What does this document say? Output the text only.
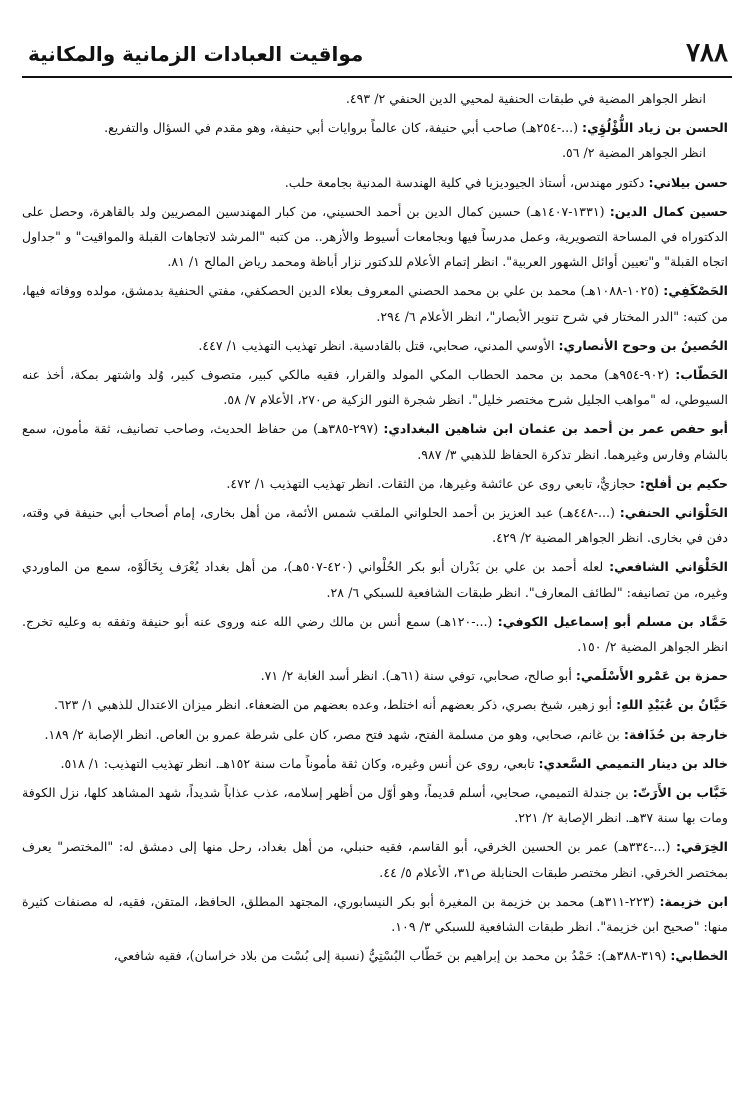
٧٨٨
مواقيت العبادات الزمانية والمكانية

انظر الجواهر المضية في طبقات الحنفية لمحيي الدين الحنفي ٢/ ٤٩٣.

الحسن بن زياد اللُّؤْلُؤِي: (...-٢٥٤هـ) صاحب أبي حنيفة، كان عالماً بروايات أبي حنيفة، وهو مقدم في السؤال والتفريع.
انظر الجواهر المضية ٢/ ٥٦.

حسن بيلاني: دكتور مهندس، أستاذ الجيوديزيا في كلية الهندسة المدنية بجامعة حلب.

حسين كمال الدين: (١٣٣١-١٤٠٧هـ) حسين كمال الدين بن أحمد الحسيني، من كبار المهندسين المصريين ولد بالقاهرة، وحصل على الدكتوراه في المساحة التصويرية، وعمل مدرساً فيها وبجامعات أسيوط والأزهر.. من كتبه "المرشد لاتجاهات القبلة والمواقيت" و "جداول اتجاه القبلة" و"تعيين أوائل الشهور العربية". انظر إتمام الأعلام للدكتور نزار أباظة ومحمد رياض المالح ١/ ٨١.

الحَصْكَفِي: (١٠٢٥-١٠٨٨هـ) محمد بن علي بن محمد الحصني المعروف بعلاء الدين الحصكفي، مفتي الحنفية بدمشق، مولده ووفاته فيها، من كتبه: "الدر المختار في شرح تنوير الأبصار"، انظر الأعلام ٦/ ٢٩٤.

الحُصينُ بن وحوح الأنصاري: الأوسي المدني، صحابي، قتل بالقادسية. انظر تهذيب التهذيب ١/ ٤٤٧.

الحَطّاب: (٩٠٢-٩٥٤هـ) محمد بن محمد الحطاب المكي المولد والقرار، فقيه مالكي كبير، متصوف كبير، وُلد واشتهر بمكة، أخذ عنه السيوطي، له "مواهب الجليل شرح مختصر خليل". انظر شجرة النور الزكية ص٢٧٠، الأعلام ٧/ ٥٨.

أبو حفص عمر بن أحمد بن عثمان ابن شاهين البغدادي: (٢٩٧-٣٨٥هـ) من حفاظ الحديث، وصاحب تصانيف، ثقة مأمون، سمع بالشام وفارس وغيرهما. انظر تذكرة الحفاظ للذهبي ٣/ ٩٨٧.

حكيم بن أفلح: حجازيٌّ، تابعي روى عن عائشة وغيرها، من الثقات. انظر تهذيب التهذيب ١/ ٤٧٢.

الحَلْوَاني الحنفي: (...-٤٤٨هـ) عبد العزيز بن أحمد الحلواني الملقب شمس الأئمة، من أهل بخارى، إمام أصحاب أبي حنيفة في وقته، دفن في بخارى. انظر الجواهر المضية ٢/ ٤٢٩.

الحَلْوَاني الشافعي: لعله أحمد بن علي بن بَدْران أبو بكر الحُلْواني (٤٢٠-٥٠٧هـ)، من أهل بغداد يُعْرَف بِخَالَوْه، سمع من الماوردي وغيره، من تصانيفه: "لطائف المعارف". انظر طبقات الشافعية للسبكي ٦/ ٢٨.

حَمَّاد بن مسلم أبو إسماعيل الكوفي: (...-١٢٠هـ) سمع أنس بن مالك رضي الله عنه وروى عنه أبو حنيفة وتفقه به وعليه تخرج. انظر الجواهر المضية ٢/ ١٥٠.

حمزة بن عَمْرو الأَسْلَمي: أبو صالح، صحابي، توفي سنة (٦١هـ). انظر أسد الغابة ٢/ ٧١.

حَيَّانُ بن عُبَيْدِ اللهِ: أبو زهير، شيخ بصري، ذكر بعضهم أنه اختلط، وعده بعضهم من الضعفاء. انظر ميزان الاعتدال للذهبي ١/ ٦٢٣.

خارجة بن حُذَافة: بن غانم، صحابي، وهو من مسلمة الفتح، شهد فتح مصر، كان على شرطة عمرو بن العاص. انظر الإصابة ٢/ ١٨٩.

خالد بن دينار التميمي السَّعدي: تابعي، روى عن أنس وغيره، وكان ثقة مأموناً مات سنة ١٥٢هـ. انظر تهذيب التهذيب: ١/ ٥١٨.

خَبَّاب بن الأَرَتّ: بن جندلة التميمي، صحابي، أسلم قديماً، وهو أوّل من أظهر إسلامه، عذب عذاباً شديداً، شهد المشاهد كلها، نزل الكوفة ومات بها سنة ٣٧هـ. انظر الإصابة ٢/ ٢٢١.

الخِرَقي: (...-٣٣٤هـ) عمر بن الحسين الخرقي، أبو القاسم، فقيه حنبلي، من أهل بغداد، رحل منها إلى دمشق له: "المختصر" يعرف بمختصر الخرقي. انظر مختصر طبقات الحنابلة ص٣١، الأعلام ٥/ ٤٤.

ابن خزيمة: (٢٢٣-٣١١هـ) محمد بن خزيمة بن المغيرة أبو بكر النيسابوري، المجتهد المطلق، الحافظ، المتقن، فقيه، له مصنفات كثيرة منها: "صحيح ابن خزيمة". انظر طبقات الشافعية للسبكي ٣/ ١٠٩.

الخطابي: (٣١٩-٣٨٨هـ): حَمْدُ بن محمد بن إبراهيم بن خَطّاب البُسْتِيُّ (نسبة إلى بُسْت من بلاد خراسان)، فقيه شافعي،
